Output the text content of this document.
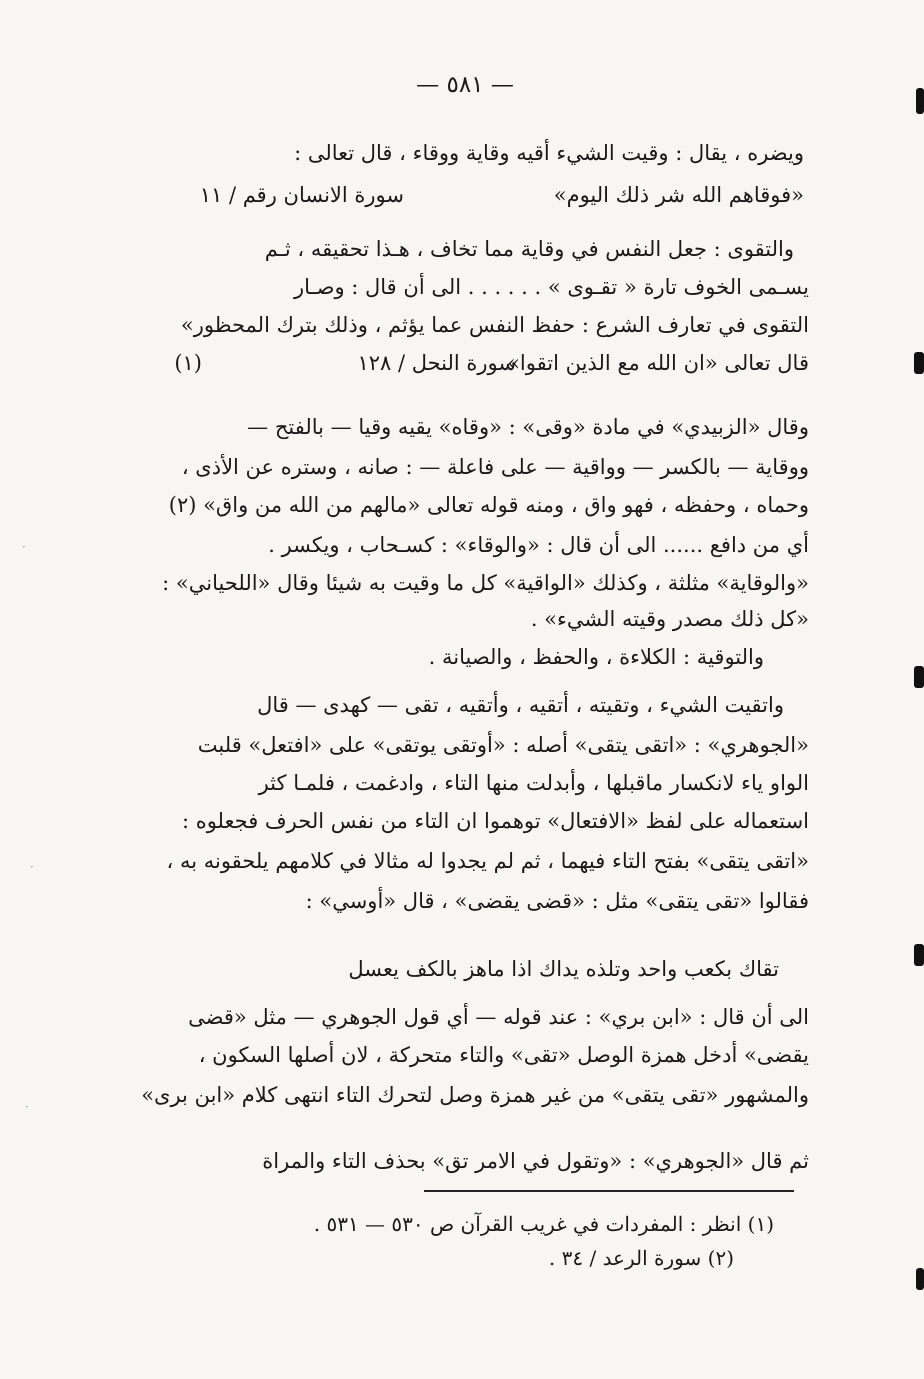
— ٥٨١ —
ويضره ، يقال : وقيت الشيء أقيه وقاية ووقاء ، قال تعالى :
«فوقاهم الله شر ذلك اليوم»
سورة الانسان رقم / ١١
والتقوى : جعل النفس في وقاية مما تخاف ، هـذا تحقيقه ، ثـم
يسـمى الخوف تارة « تقـوى » . . . . . . الى أن قال : وصـار
التقوى في تعارف الشرع : حفظ النفس عما يؤثم ، وذلك بترك المحظور»
قال تعالى «ان الله مع الذين اتقوا»
سورة النحل / ١٢٨
(١)
وقال «الزبيدي» في مادة «وقى» : «وقاه» يقيه وقيا — بالفتح —
ووقاية — بالكسر — وواقية — على فاعلة — : صانه ، وستره عن الأذى ،
وحماه ، وحفظه ، فهو واق ، ومنه قوله تعالى «مالهم من الله من واق» (٢)
أي من دافع ...... الى أن قال : «والوقاء» : كسـحاب ، ويكسر .
«والوقاية» مثلثة ، وكذلك «الواقية» كل ما وقيت به شيئا وقال «اللحياني» :
«كل ذلك مصدر وقيته الشيء» .
والتوقية : الكلاءة ، والحفظ ، والصيانة .
واتقيت الشيء ، وتقيته ، أتقيه ، وأتقيه ، تقى — كهدى — قال
«الجوهري» : «اتقى يتقى» أصله : «أوتقى يوتقى» على «افتعل» قلبت
الواو ياء لانكسار ماقبلها ، وأبدلت منها التاء ، وادغمت ، فلمـا كثر
استعماله على لفظ «الافتعال» توهموا ان التاء من نفس الحرف فجعلوه :
«اتقى يتقى» بفتح التاء فيهما ، ثم لم يجدوا له مثالا في كلامهم يلحقونه به ،
فقالوا «تقى يتقى» مثل : «قضى يقضى» ، قال «أوسي» :
تقاك بكعب واحد وتلذه يداك اذا ماهز بالكف يعسل
الى أن قال : «ابن بري» : عند قوله — أي قول الجوهري — مثل «قضى
يقضى» أدخل همزة الوصل «تقى» والتاء متحركة ، لان أصلها السكون ،
والمشهور «تقى يتقى» من غير همزة وصل لتحرك التاء انتهى كلام «ابن برى»
ثم قال «الجوهري» : «وتقول في الامر تق» بحذف التاء والمراة
(١) انظر : المفردات في غريب القرآن ص ٥٣٠ — ٥٣١ .
(٢) سورة الرعد / ٣٤ .
·
·
·
